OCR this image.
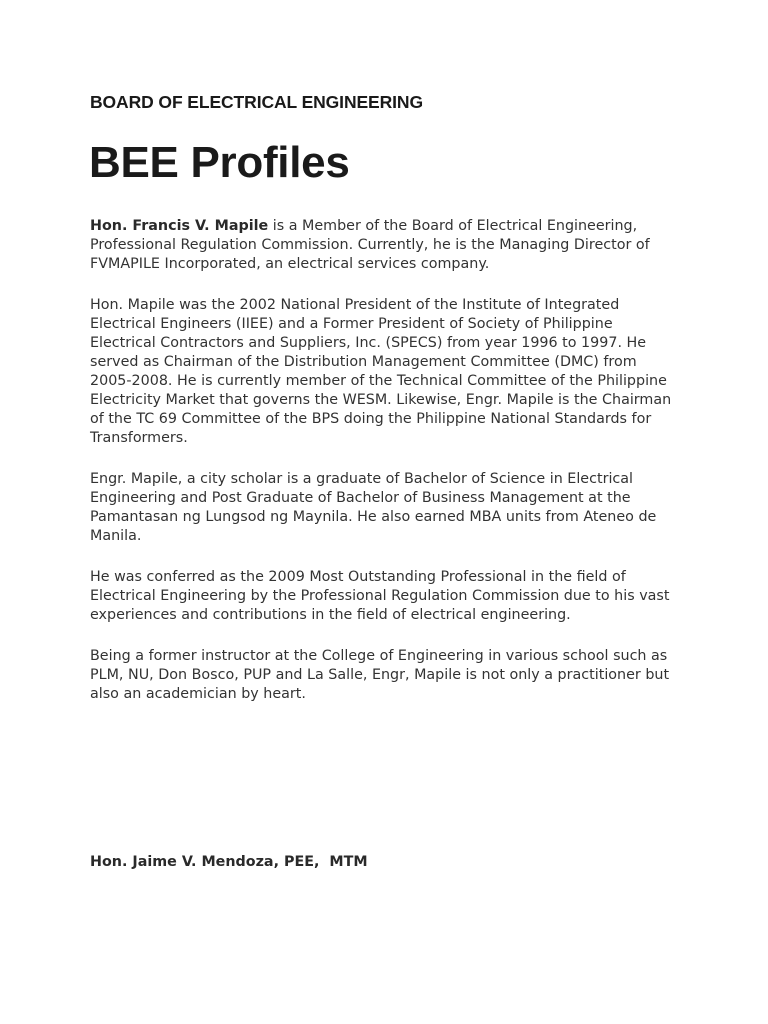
BOARD OF ELECTRICAL ENGINEERING
BEE Profiles

Hon. Francis V. Mapile is a Member of the Board of Electrical Engineering, Professional Regulation Commission. Currently, he is the Managing Director of FVMAPILE Incorporated, an electrical services company.

Hon. Mapile was the 2002 National President of the Institute of Integrated Electrical Engineers (IIEE) and a Former President of Society of Philippine Electrical Contractors and Suppliers, Inc. (SPECS) from year 1996 to 1997. He served as Chairman of the Distribution Management Committee (DMC) from 2005-2008. He is currently member of the Technical Committee of the Philippine Electricity Market that governs the WESM. Likewise, Engr. Mapile is the Chairman of the TC 69 Committee of the BPS doing the Philippine National Standards for Transformers.

Engr. Mapile, a city scholar is a graduate of Bachelor of Science in Electrical Engineering and Post Graduate of Bachelor of Business Management at the Pamantasan ng Lungsod ng Maynila. He also earned MBA units from Ateneo de Manila.

He was conferred as the 2009 Most Outstanding Professional in the field of Electrical Engineering by the Professional Regulation Commission due to his vast experiences and contributions in the field of electrical engineering.

Being a former instructor at the College of Engineering in various school such as PLM, NU, Don Bosco, PUP and La Salle, Engr, Mapile is not only a practitioner but also an academician by heart.

Hon. Jaime V. Mendoza, PEE,  MTM
